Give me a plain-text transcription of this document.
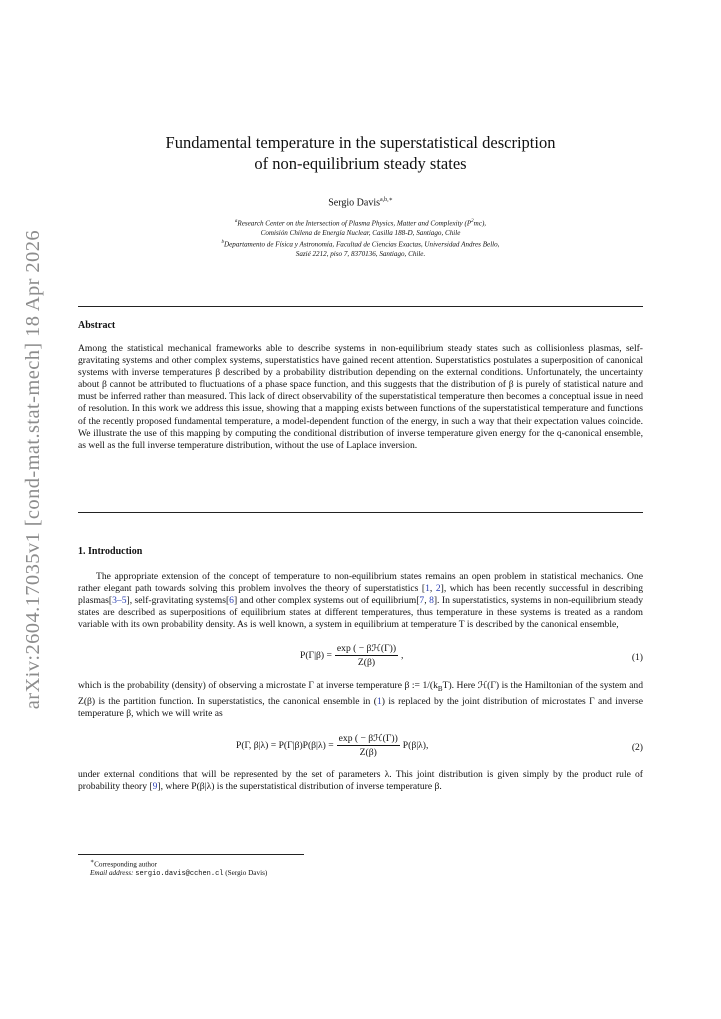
arXiv:2604.17035v1 [cond-mat.stat-mech] 18 Apr 2026
Fundamental temperature in the superstatistical description
of non-equilibrium steady states
Sergio Davis$^{a,b,∗}$
$^a$Research Center on the Intersection of Plasma Physics, Matter and Complexity $(P^2mc)$,
Comisión Chilena de Energía Nuclear, Casilla 188-D, Santiago, Chile
$^b$Departamento de Física y Astronomía, Facultad de Ciencias Exactas, Universidad Andres Bello,
Sazié 2212, piso 7, 8370136, Santiago, Chile.
Abstract
Among the statistical mechanical frameworks able to describe systems in non-equilibrium steady states such as collisionless plasmas, self-gravitating systems and other complex systems, superstatistics have gained recent attention. Superstatistics postulates a superposition of canonical systems with inverse temperatures β described by a probability distribution depending on the external conditions. Unfortunately, the uncertainty about β cannot be attributed to fluctuations of a phase space function, and this suggests that the distribution of β is purely of statistical nature and must be inferred rather than measured. This lack of direct observability of the superstatistical temperature then becomes a conceptual issue in need of resolution. In this work we address this issue, showing that a mapping exists between functions of the superstatistical temperature and functions of the recently proposed fundamental temperature, a model-dependent function of the energy, in such a way that their expectation values coincide. We illustrate the use of this mapping by computing the conditional distribution of inverse temperature given energy for the q-canonical ensemble, as well as the full inverse temperature distribution, without the use of Laplace inversion.
1. Introduction
The appropriate extension of the concept of temperature to non-equilibrium states remains an open problem in statistical mechanics. One rather elegant path towards solving this problem involves the theory of superstatistics [1, 2], which has been recently successful in describing plasmas[3–5], self-gravitating systems[6] and other complex systems out of equilibrium[7, 8]. In superstatistics, systems in non-equilibrium steady states are described as superpositions of equilibrium states at different temperatures, thus temperature in these systems is treated as a random variable with its own probability density. As is well known, a system in equilibrium at temperature T is described by the canonical ensemble,
$P(\Gamma|\beta) = \frac{\text{exp ( − βℋ(Γ))}}{Z(\beta)}$ ,	(1)
which is the probability (density) of observing a microstate Γ at inverse temperature β := $1/(k_BT)$. Here ℋ(Γ) is the Hamiltonian of the system and Z(β) is the partition function. In superstatistics, the canonical ensemble in (1) is replaced by the joint distribution of microstates Γ and inverse temperature β, which we will write as
P(Γ, $\beta|\lambda) = P(\Gamma|\beta)P(\beta|\lambda) = \frac{\text{exp ( − βℋ(Γ))}}{Z(\beta)} P(\beta|\lambda)$,	(2)
under external conditions that will be represented by the set of parameters λ. This joint distribution is given simply by the product rule of probability theory [9], where P(β|λ) is the superstatistical distribution of inverse temperature β.
∗Corresponding author
Email address: sergio.davis@cchen.cl (Sergio Davis)
